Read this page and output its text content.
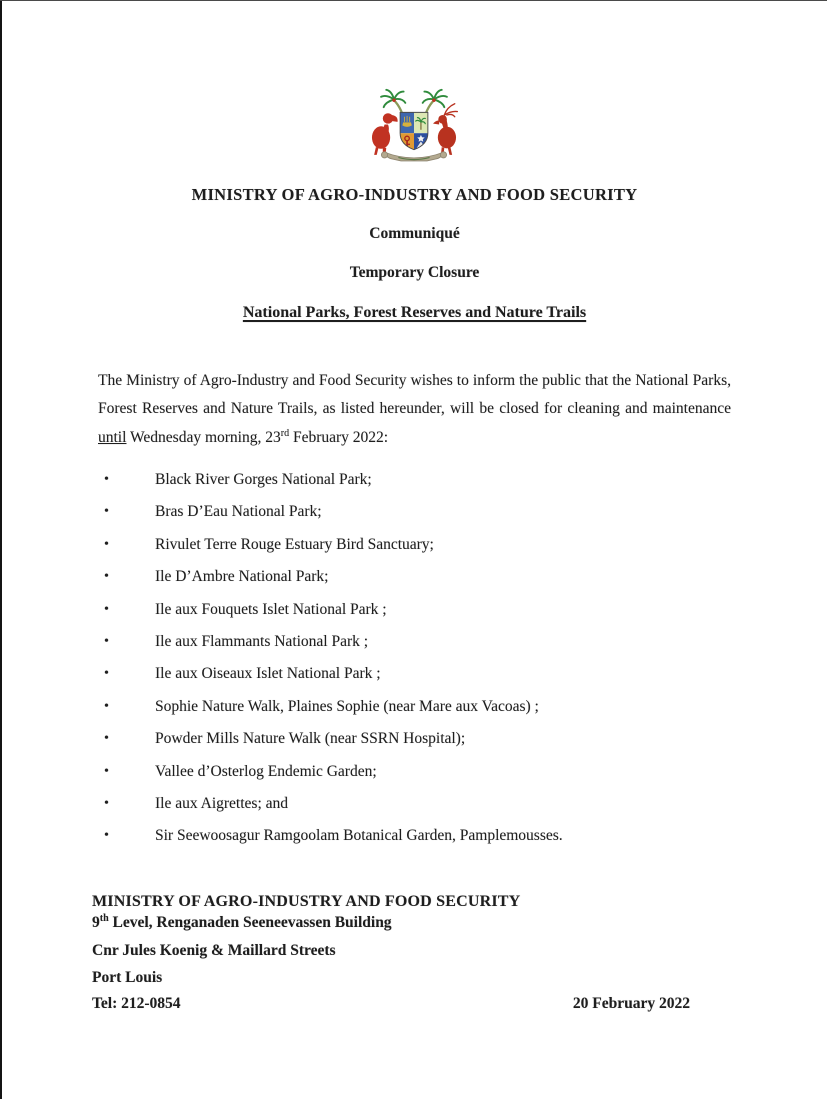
MINISTRY OF AGRO-INDUSTRY AND FOOD SECURITY
Communiqué
Temporary Closure
National Parks, Forest Reserves and Nature Trails

The Ministry of Agro-Industry and Food Security wishes to inform the public that the National Parks, Forest Reserves and Nature Trails, as listed hereunder, will be closed for cleaning and maintenance until Wednesday morning, 23rd February 2022:

•	Black River Gorges National Park;
•	Bras D’Eau National Park;
•	Rivulet Terre Rouge Estuary Bird Sanctuary;
•	Ile D’Ambre National Park;
•	Ile aux Fouquets Islet National Park ;
•	Ile aux Flammants National Park ;
•	Ile aux Oiseaux Islet National Park ;
•	Sophie Nature Walk, Plaines Sophie (near Mare aux Vacoas) ;
•	Powder Mills Nature Walk (near SSRN Hospital);
•	Vallee d’Osterlog Endemic Garden;
•	Ile aux Aigrettes; and
•	Sir Seewoosagur Ramgoolam Botanical Garden, Pamplemousses.
MINISTRY OF AGRO-INDUSTRY AND FOOD SECURITY
9th Level, Renganaden Seeneevassen Building
Cnr Jules Koenig & Maillard Streets
Port Louis
Tel: 212-0854	20 February 2022
